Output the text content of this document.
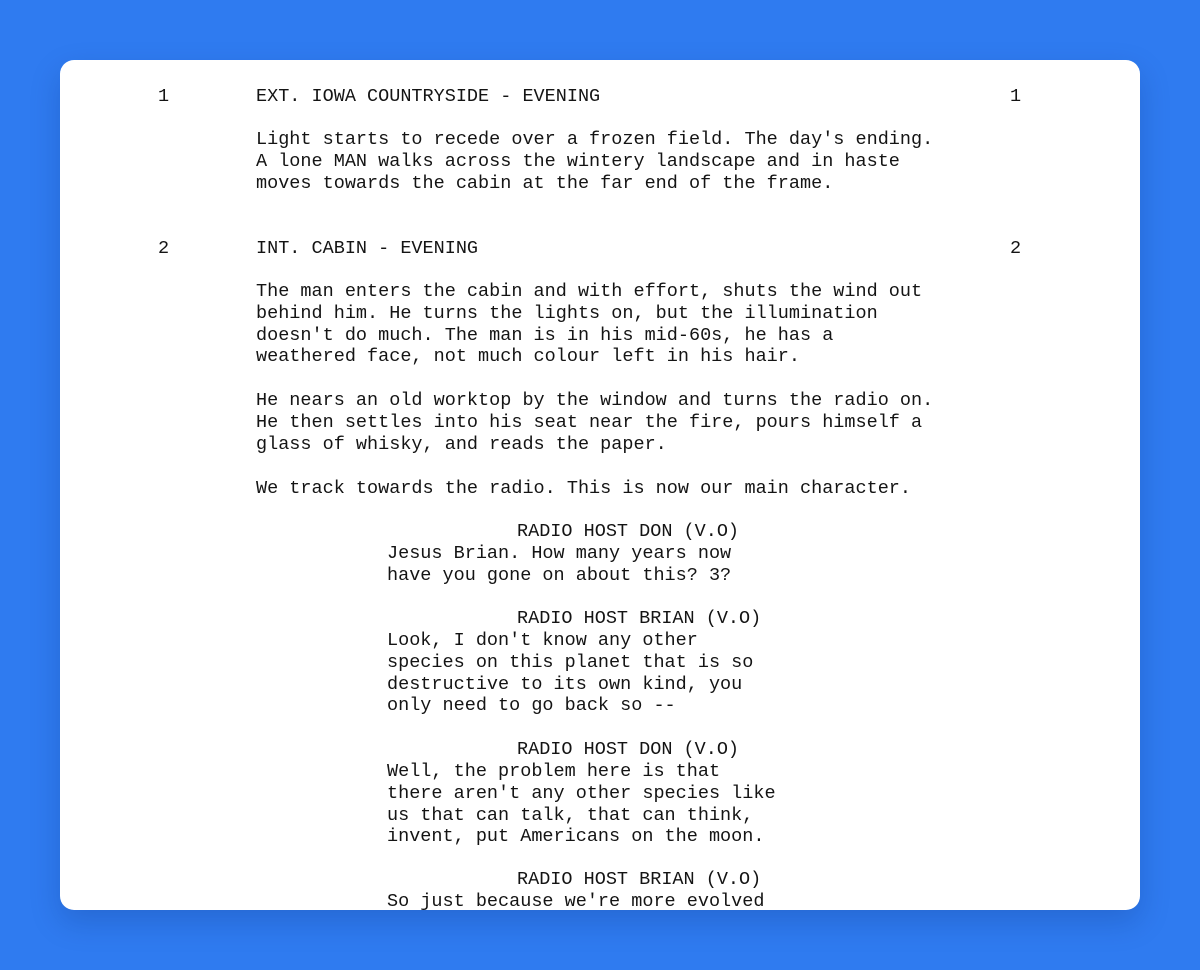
1	EXT. IOWA COUNTRYSIDE - EVENING	1
Light starts to recede over a frozen field. The day's ending.
A lone MAN walks across the wintery landscape and in haste
moves towards the cabin at the far end of the frame.
2	INT. CABIN - EVENING	2
The man enters the cabin and with effort, shuts the wind out
behind him. He turns the lights on, but the illumination
doesn't do much. The man is in his mid-60s, he has a
weathered face, not much colour left in his hair.
He nears an old worktop by the window and turns the radio on.
He then settles into his seat near the fire, pours himself a
glass of whisky, and reads the paper.
We track towards the radio. This is now our main character.
RADIO HOST DON (V.O)
Jesus Brian. How many years now
have you gone on about this? 3?
RADIO HOST BRIAN (V.O)
Look, I don't know any other
species on this planet that is so
destructive to its own kind, you
only need to go back so --
RADIO HOST DON (V.O)
Well, the problem here is that
there aren't any other species like
us that can talk, that can think,
invent, put Americans on the moon.
RADIO HOST BRIAN (V.O)
So just because we're more evolved
